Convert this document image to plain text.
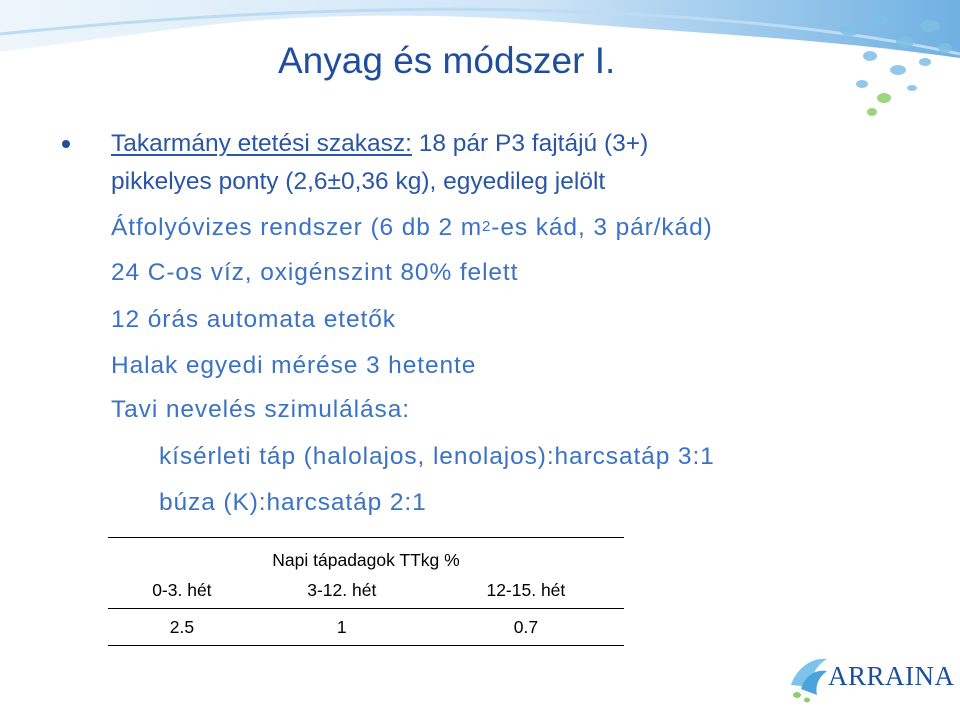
Anyag és módszer I.

Takarmány etetési szakasz: 18 pár P3 fajtájú (3+)

pikkelyes ponty (2,6±0,36 kg), egyedileg jelölt

Átfolyóvizes rendszer (6 db 2 $m^2-es$ kád, 3 pár/kád)

24 C-os víz, oxigénszint 80% felett

12 órás automata etetők

Halak egyedi mérése 3 hetente

Tavi nevelés szimulálása:

kísérleti táp (halolajos, lenolajos):harcsatáp 3:1

búza (K):harcsatáp 2:1

Napi tápadagok TTkg %		
0-3. hét	3-12. hét	12-15. hét
2.5	1	0.7

ARRAINA
